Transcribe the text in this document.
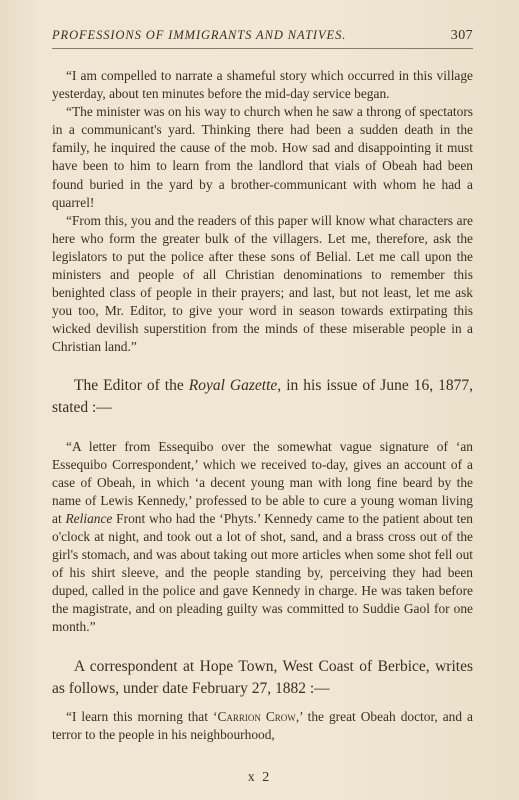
PROFESSIONS OF IMMIGRANTS AND NATIVES.	307

“I am compelled to narrate a shameful story which occurred in this village yesterday, about ten minutes before the mid-day service began.

“The minister was on his way to church when he saw a throng of spectators in a communicant's yard. Thinking there had been a sudden death in the family, he inquired the cause of the mob. How sad and disappointing it must have been to him to learn from the landlord that vials of Obeah had been found buried in the yard by a brother-communicant with whom he had a quarrel!

“From this, you and the readers of this paper will know what characters are here who form the greater bulk of the villagers. Let me, therefore, ask the legislators to put the police after these sons of Belial. Let me call upon the ministers and people of all Christian denominations to remember this benighted class of people in their prayers; and last, but not least, let me ask you too, Mr. Editor, to give your word in season towards extirpating this wicked devilish superstition from the minds of these miserable people in a Christian land.”

The Editor of the Royal Gazette, in his issue of June 16, 1877, stated :—

“A letter from Essequibo over the somewhat vague signature of ‘an Essequibo Correspondent,’ which we received to-day, gives an account of a case of Obeah, in which ‘a decent young man with long fine beard by the name of Lewis Kennedy,’ professed to be able to cure a young woman living at Reliance Front who had the ‘Phyts.’ Kennedy came to the patient about ten o'clock at night, and took out a lot of shot, sand, and a brass cross out of the girl's stomach, and was about taking out more articles when some shot fell out of his shirt sleeve, and the people standing by, perceiving they had been duped, called in the police and gave Kennedy in charge. He was taken before the magistrate, and on pleading guilty was committed to Suddie Gaol for one month.”

A correspondent at Hope Town, West Coast of Berbice, writes as follows, under date February 27, 1882 :—

“I learn this morning that ‘Carrion Crow,’ the great Obeah doctor, and a terror to the people in his neighbourhood,

x 2
